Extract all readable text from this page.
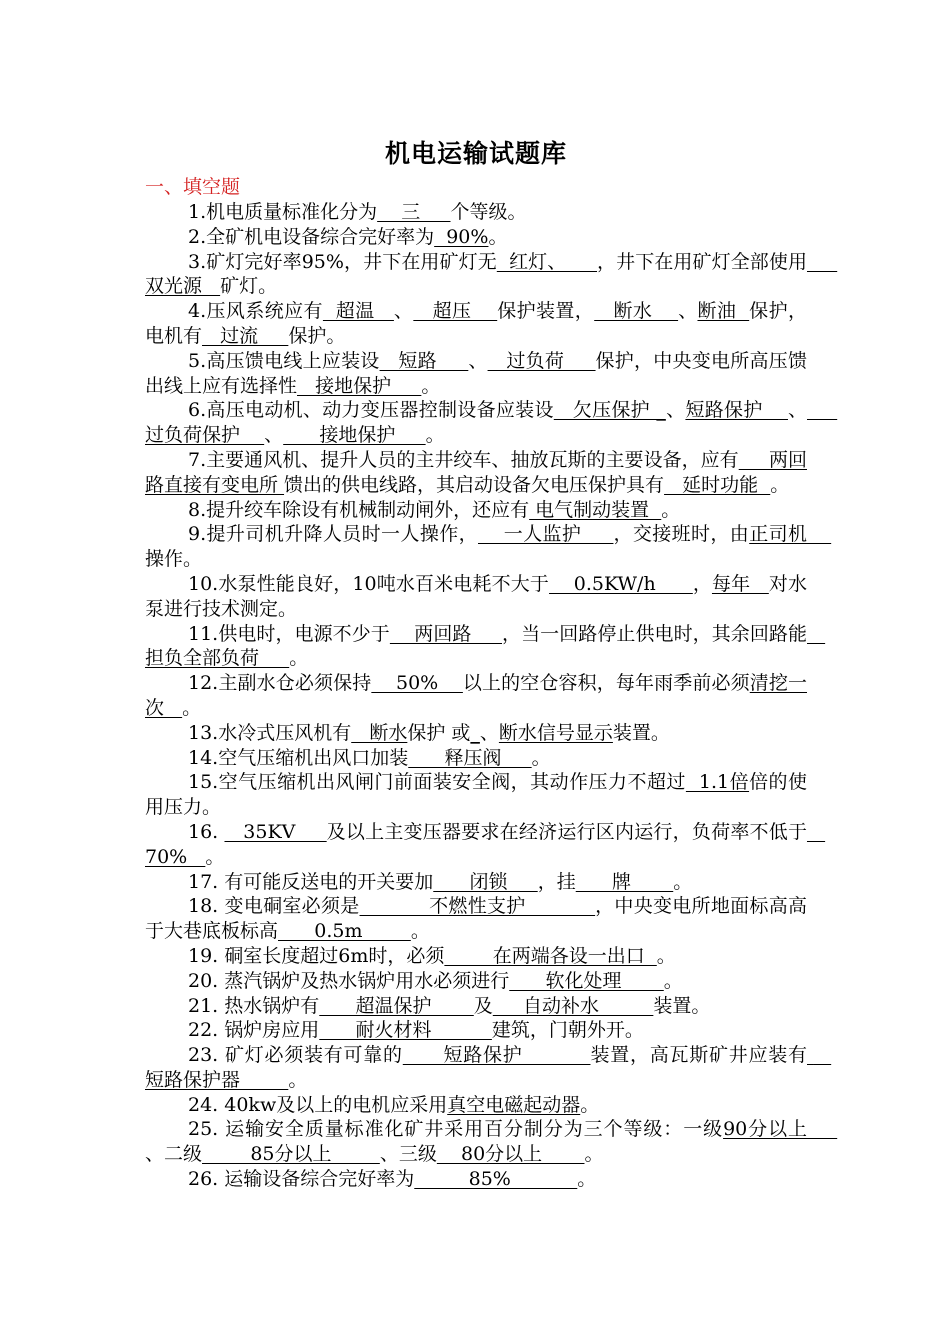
机电运输试题库
一、填空题

1.机电质量标准化分为    三     个等级。

2.全矿机电设备综合完好率为  90%。

3.矿灯完好率95%，井下在用矿灯无  红灯、     ，井下在用矿灯全部使用     双光源   矿灯。

4.压风系统应有  超温   、   超压    保护装置，   断水    、断油  保护，电机有   过流     保护。

5.高压馈电线上应装设   短路     、   过负荷     保护，中央变电所高压馈出线上应有选择性   接地保护     。

6.高压电动机、动力变压器控制设备应装设   欠压保护 _、短路保护    、     过负荷保护    、      接地保护     。

7.主要通风机、提升人员的主井绞车、抽放瓦斯的主要设备，应有     两回路直接有变电所 馈出的供电线路，其启动设备欠电压保护具有   延时功能  。

8.提升绞车除设有机械制动闸外，还应有 电气制动装置  。

9.提升司机升降人员时一人操作，    一人监护     ，交接班时，由正司机    操作。

10.水泵性能良好，10吨水百米电耗不大于    0.5KW/h      ，每年   对水泵进行技术测定。

11.供电时，电源不少于    两回路     ，当一回路停止供电时，其余回路能   担负全部负荷     。

12.主副水仓必须保持    50%    以上的空仓容积，每年雨季前必须清挖一次   。

13.水冷式压风机有   断水保护 或_、断水信号显示装置。

14.空气压缩机出风口加装      释压阀     。

15.空气压缩机出风闸门前面装安全阀，其动作压力不超过  1.1倍倍的使用压力。

16.    35KV     及以上主变压器要求在经济运行区内运行，负荷率不低于   70%   。

17. 有可能反送电的开关要加      闭锁     ，挂      牌       。

18. 变电硐室必须是           不燃性支护           ，中央变电所地面标高高于大巷底板标高      0.5m        。

19. 硐室长度超过6m时，必须        在两端各设一出口  。

20. 蒸汽锅炉及热水锅炉用水必须进行      软化处理       。

21. 热水锅炉有      超温保护       及     自动补水         装置。

22. 锅炉房应用      耐火材料          建筑，门朝外开。

23. 矿灯必须装有可靠的      短路保护          装置，高瓦斯矿井应装有    短路保护器        。

24. 40kw及以上的电机应采用真空电磁起动器。

25. 运输安全质量标准化矿井采用百分制分为三个等级：一级90分以上     、二级        85分以上        、三级    80分以上       。

26. 运输设备综合完好率为         85%           。
